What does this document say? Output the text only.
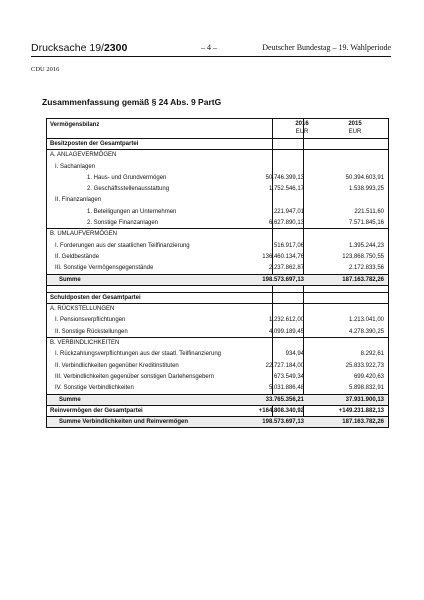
Drucksache 19/2300	– 4 –	Deutscher Bundestag – 19. Wahlperiode
CDU 2016
Zusammenfassung gemäß § 24 Abs. 9 PartG
Vermögensbilanz	2016	2015
EUR	EUR
Besitzposten der Gesamtpartei
A. ANLAGEVERMÖGEN
I. Sachanlagen
1. Haus- und Grundvermögen	50.746.399,13	50.394.603,91
2. Geschäftsstellenausstattung	1.752.546,17	1.538.993,25
II. Finanzanlagen
1. Beteiligungen an Unternehmen	221.947,01	221.511,60
2. Sonstige Finanzanlagen	6.627.890,13	7.571.845,16
B. UMLAUFVERMÖGEN
I. Forderungen aus der staatlichen Teilfinanzierung	516.917,06	1.395.244,23
II. Geldbestände	136.460.134,76	123.868.750,55
III. Sonstige Vermögensgegenstände	2.237.862,87	2.172.833,56
Summe	198.573.697,13	187.163.782,26
Schuldposten der Gesamtpartei
A. RÜCKSTELLUNGEN
I. Pensionsverpflichtungen	1.232.612,00	1.213.041,00
II. Sonstige Rückstellungen	4.099.189,45	4.278.390,25
B. VERBINDLICHKEITEN
I. Rückzahlungsverpflichtungen aus der staatl. Teilfinanzierung	934,94	8.292,61
II. Verbindlichkeiten gegenüber Kreditinstituten	22.727.184,00	25.833.922,73
III. Verbindlichkeiten gegenüber sonstigen Darlehensgebern	673.549,34	699.420,63
IV. Sonstige Verbindlichkeiten	5.031.886,48	5.898.832,91
Summe	33.765.356,21	37.931.900,13
Reinvermögen der Gesamtpartei	+164.808.340,92	+149.231.882,13
Summe Verbindlichkeiten und Reinvermögen	198.573.697,13	187.163.782,26
